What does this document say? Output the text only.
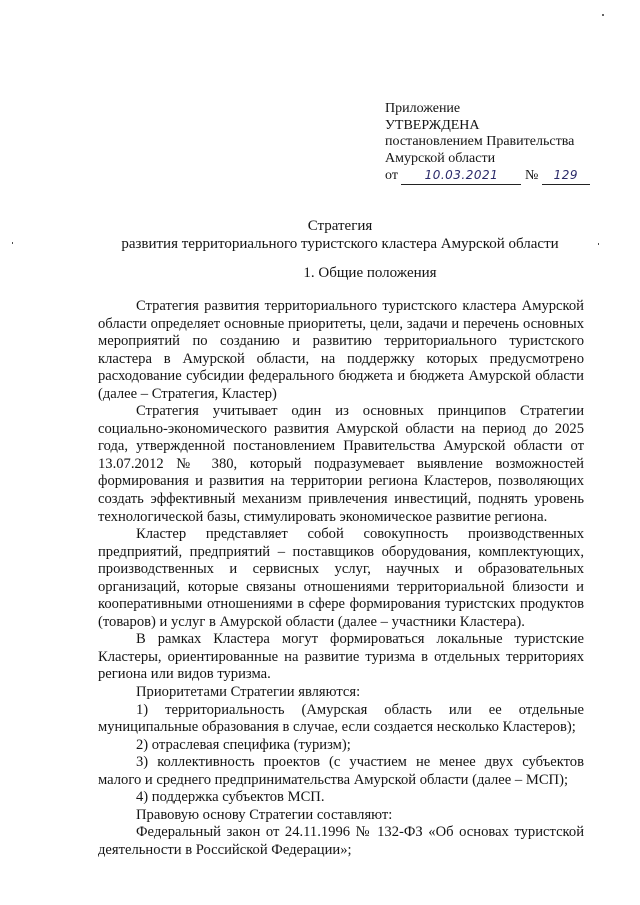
Приложение
УТВЕРЖДЕНА
постановлением Правительства
Амурской области
от 10.03.2021 № 129
Стратегия
развития территориального туристского кластера Амурской области
1. Общие положения

Стратегия развития территориального туристского кластера Амурской области определяет основные приоритеты, цели, задачи и перечень основных мероприятий по созданию и развитию территориального туристского кластера в Амурской области, на поддержку которых предусмотрено расходование субсидии федерального бюджета и бюджета Амурской области (далее – Стратегия, Кластер)

Стратегия учитывает один из основных принципов Стратегии социально-экономического развития Амурской области на период до 2025 года, утвержденной постановлением Правительства Амурской области от 13.07.2012 № 380, который подразумевает выявление возможностей формирования и развития на территории региона Кластеров, позволяющих создать эффективный механизм привлечения инвестиций, поднять уровень технологической базы, стимулировать экономическое развитие региона.

Кластер представляет собой совокупность производственных предприятий, предприятий – поставщиков оборудования, комплектующих, производственных и сервисных услуг, научных и образовательных организаций, которые связаны отношениями территориальной близости и кооперативными отношениями в сфере формирования туристских продуктов (товаров) и услуг в Амурской области (далее – участники Кластера).

В рамках Кластера могут формироваться локальные туристские Кластеры, ориентированные на развитие туризма в отдельных территориях региона или видов туризма.

Приоритетами Стратегии являются:

1) территориальность (Амурская область или ее отдельные муниципальные образования в случае, если создается несколько Кластеров);

2) отраслевая специфика (туризм);

3) коллективность проектов (с участием не менее двух субъектов малого и среднего предпринимательства Амурской области (далее – МСП);

4) поддержка субъектов МСП.

Правовую основу Стратегии составляют:

Федеральный закон от 24.11.1996 № 132-ФЗ «Об основах туристской деятельности в Российской Федерации»;
